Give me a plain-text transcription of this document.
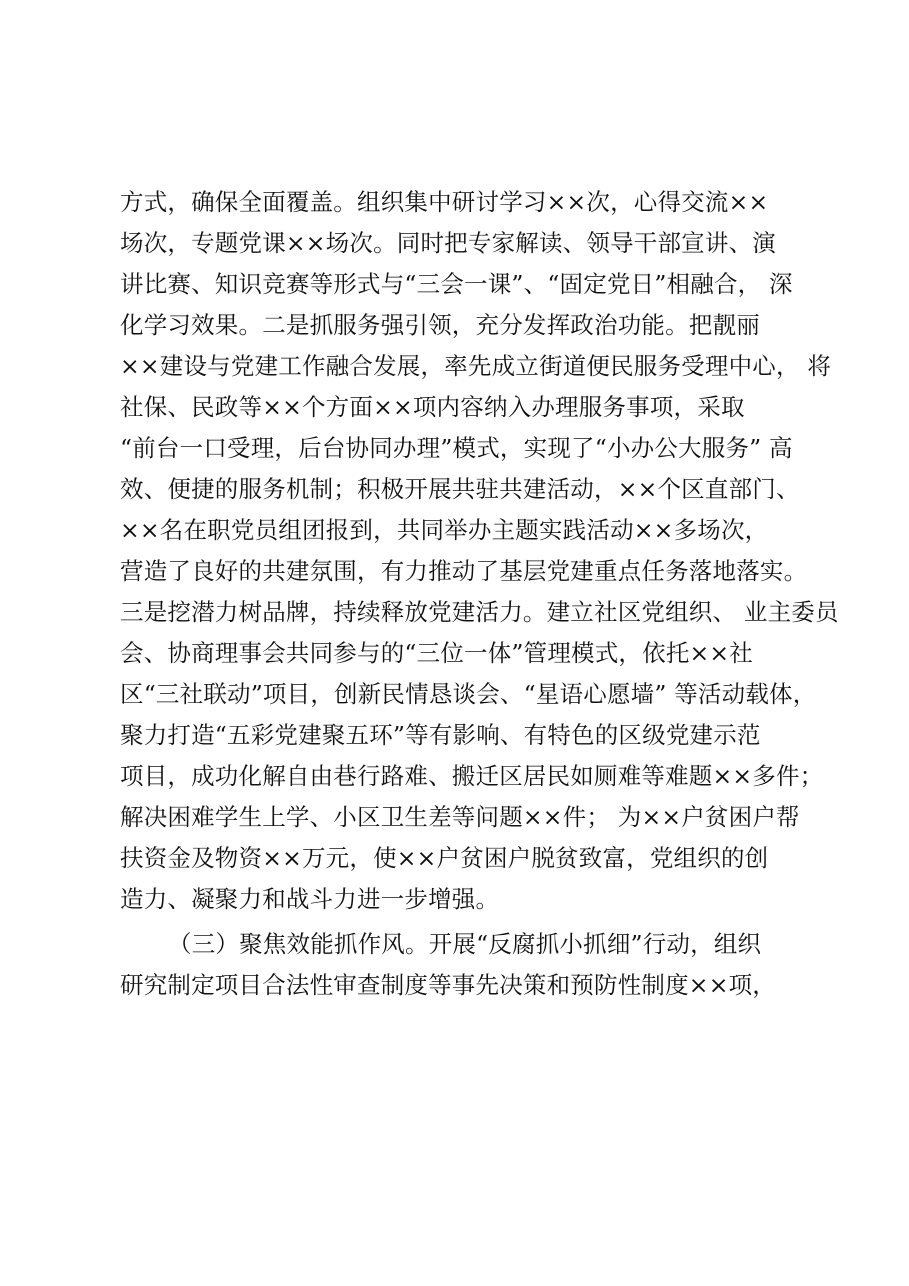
方式，确保全面覆盖。组织集中研讨学习××次，心得交流××
场次，专题党课××场次。同时把专家解读、领导干部宣讲、演
讲比赛、知识竞赛等形式与“三会一课”、“固定党日”相融合， 深
化学习效果。二是抓服务强引领，充分发挥政治功能。把靓丽
××建设与党建工作融合发展，率先成立街道便民服务受理中心， 将
社保、民政等××个方面××项内容纳入办理服务事项，采取
“前台一口受理，后台协同办理”模式，实现了“小办公大服务” 高
效、便捷的服务机制；积极开展共驻共建活动，××个区直部门、
××名在职党员组团报到，共同举办主题实践活动××多场次，
营造了良好的共建氛围，有力推动了基层党建重点任务落地落实。
三是挖潜力树品牌，持续释放党建活力。建立社区党组织、 业主委员
会、协商理事会共同参与的“三位一体”管理模式，依托××社
区“三社联动”项目，创新民情恳谈会、“星语心愿墙” 等活动载体，
聚力打造“五彩党建聚五环”等有影响、有特色的区级党建示范
项目，成功化解自由巷行路难、搬迁区居民如厕难等难题××多件；
解决困难学生上学、小区卫生差等问题××件； 为××户贫困户帮
扶资金及物资××万元，使××户贫困户脱贫致富，党组织的创
造力、凝聚力和战斗力进一步增强。
（三）聚焦效能抓作风。开展“反腐抓小抓细”行动，组织
研究制定项目合法性审查制度等事先决策和预防性制度××项，
